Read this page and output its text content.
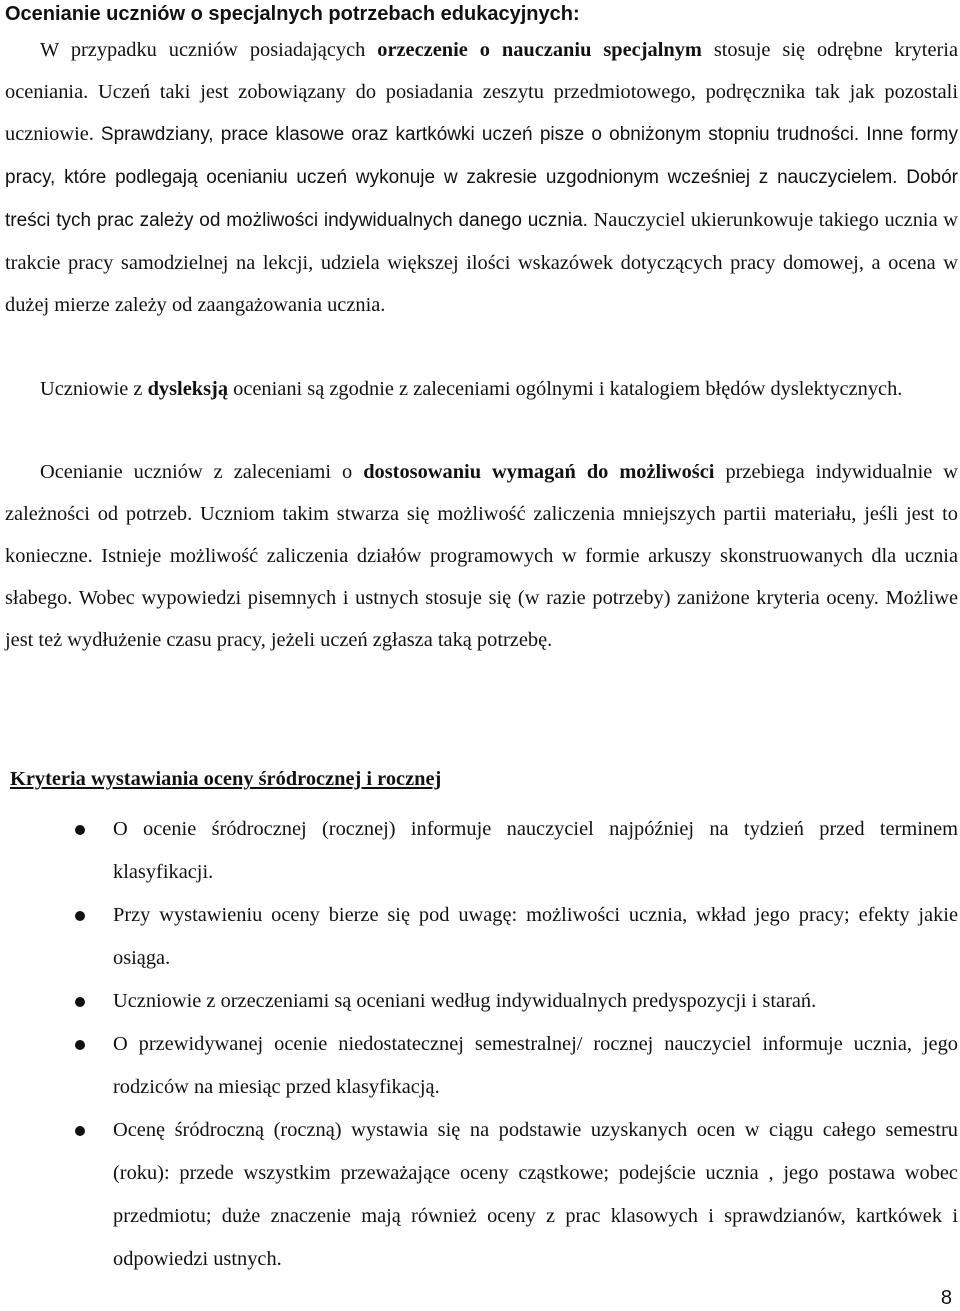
Ocenianie uczniów o specjalnych potrzebach edukacyjnych:
W przypadku uczniów posiadających orzeczenie o nauczaniu specjalnym stosuje się odrębne kryteria oceniania. Uczeń taki jest zobowiązany do posiadania zeszytu przedmiotowego, podręcznika tak jak pozostali uczniowie. Sprawdziany, prace klasowe oraz kartkówki uczeń pisze o obniżonym stopniu trudności. Inne formy pracy, które podlegają ocenianiu uczeń wykonuje w zakresie uzgodnionym wcześniej z nauczycielem. Dobór treści tych prac zależy od możliwości indywidualnych danego ucznia. Nauczyciel ukierunkowuje takiego ucznia w trakcie pracy samodzielnej na lekcji, udziela większej ilości wskazówek dotyczących pracy domowej, a ocena w dużej mierze zależy od zaangażowania ucznia.
Uczniowie z dysleksją oceniani są zgodnie z zaleceniami ogólnymi i katalogiem błędów dyslektycznych.
Ocenianie uczniów z zaleceniami o dostosowaniu wymagań do możliwości przebiega indywidualnie w zależności od potrzeb. Uczniom takim stwarza się możliwość zaliczenia mniejszych partii materiału, jeśli jest to konieczne. Istnieje możliwość zaliczenia działów programowych w formie arkuszy skonstruowanych dla ucznia słabego. Wobec wypowiedzi pisemnych i ustnych stosuje się (w razie potrzeby) zaniżone kryteria oceny. Możliwe jest też wydłużenie czasu pracy, jeżeli uczeń zgłasza taką potrzebę.
Kryteria wystawiania oceny śródrocznej i rocznej
O ocenie śródrocznej (rocznej) informuje nauczyciel najpóźniej na tydzień przed terminem klasyfikacji.
Przy wystawieniu oceny bierze się pod uwagę: możliwości ucznia, wkład jego pracy; efekty jakie osiąga.
Uczniowie z orzeczeniami są oceniani według indywidualnych predyspozycji i starań.
O przewidywanej ocenie niedostatecznej semestralnej/ rocznej nauczyciel informuje ucznia, jego rodziców na miesiąc przed klasyfikacją.
Ocenę śródroczną (roczną) wystawia się na podstawie uzyskanych ocen w ciągu całego semestru (roku): przede wszystkim przeważające oceny cząstkowe; podejście ucznia , jego postawa wobec przedmiotu; duże znaczenie mają również oceny z prac klasowych i sprawdzianów, kartkówek i odpowiedzi ustnych.
8
